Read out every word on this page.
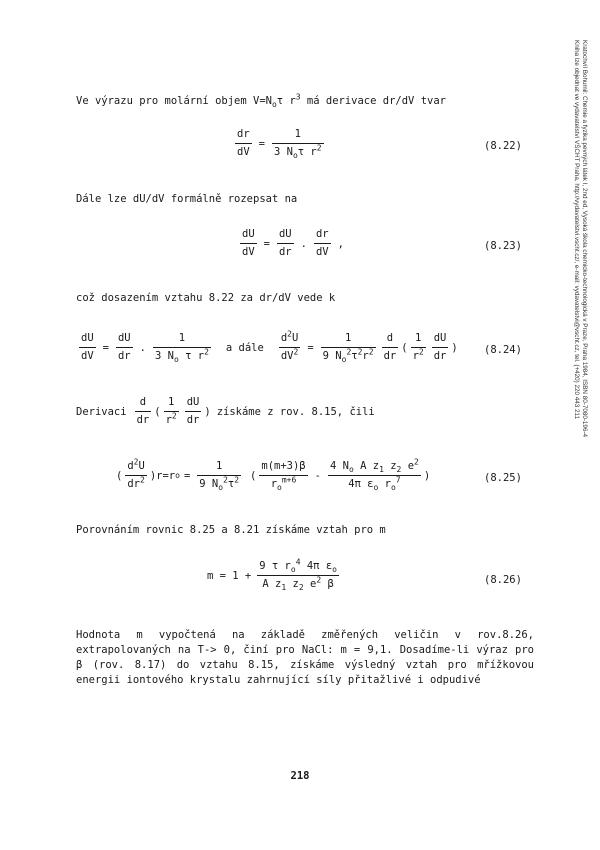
Kratochvíl Bohumil: Chemie a fyzika pevných látek I, 2nd ed, Vysoká škola chemicko-technologická v Praze, Praha 1984, ISBN 80-7080-196-4
Kniha lze objednat ve vydavatelství VŠCHT Praha, http://vydavatelstvi.vscht.cz/, e-mail: vydavatelstvi@vscht.cz, tel. (+420) 220 443 211
Ve výrazu pro molární objem $V=N_o\tau$ $r^3$ má derivace dr/dV tvar
$\frac{dr}{dV} = \frac{1}{3 N_o\tau r^2}$	(8.22)
Dále lze dU/dV formálně rozepsat na
$\frac{dU}{dV} = \frac{dU}{dr}$ . $\frac{dr}{dV}$ ,	(8.23)
což dosazením vztahu 8.22 za dr/dV vede k
$\frac{dU}{dV} = \frac{dU}{dr}$ . $\frac{1}{3 N_o \tau r^2}$	a dále	$\frac{d^2U}{dV^2} = \frac{1}{9 N_o^2\tau^2r^2} \frac{d}{dr}$ ( $\frac{1}{r^2} \frac{dU}{dr}$ )	(8.24)
Derivaci $\frac{d}{dr}$ ( $\frac{1}{r^2} \frac{dU}{dr}$ ) získáme z rov. 8.15, čili
( $\frac{d^2U}{dr^2}$ ) r=r $o = \frac{1}{9 N_o^2\tau^2}$ ( $\frac{m(m+3)\beta}{r_o^{m+6}} - \frac{4 N_o A z_1 z_2 e^2}{4\pi \varepsilon_o r_o^7}$ )	(8.25)
Porovnáním rovnic 8.25 a 8.21 získáme vztah pro m
$m = 1 + \frac{9 \tau r_o^4 4\pi \varepsilon_o}{A z_1 z_2 e^2 \beta}$	(8.26)
Hodnota m vypočtená na základě změřených veličin v rov.8.26, extrapolovaných na T-> 0, činí pro NaCl: m = 9,1. Dosadíme-li výraz pro β (rov. 8.17) do vztahu 8.15, získáme výsledný vztah pro mřížkovou energii iontového krystalu zahrnující síly přitažlivé i odpudivé
218
